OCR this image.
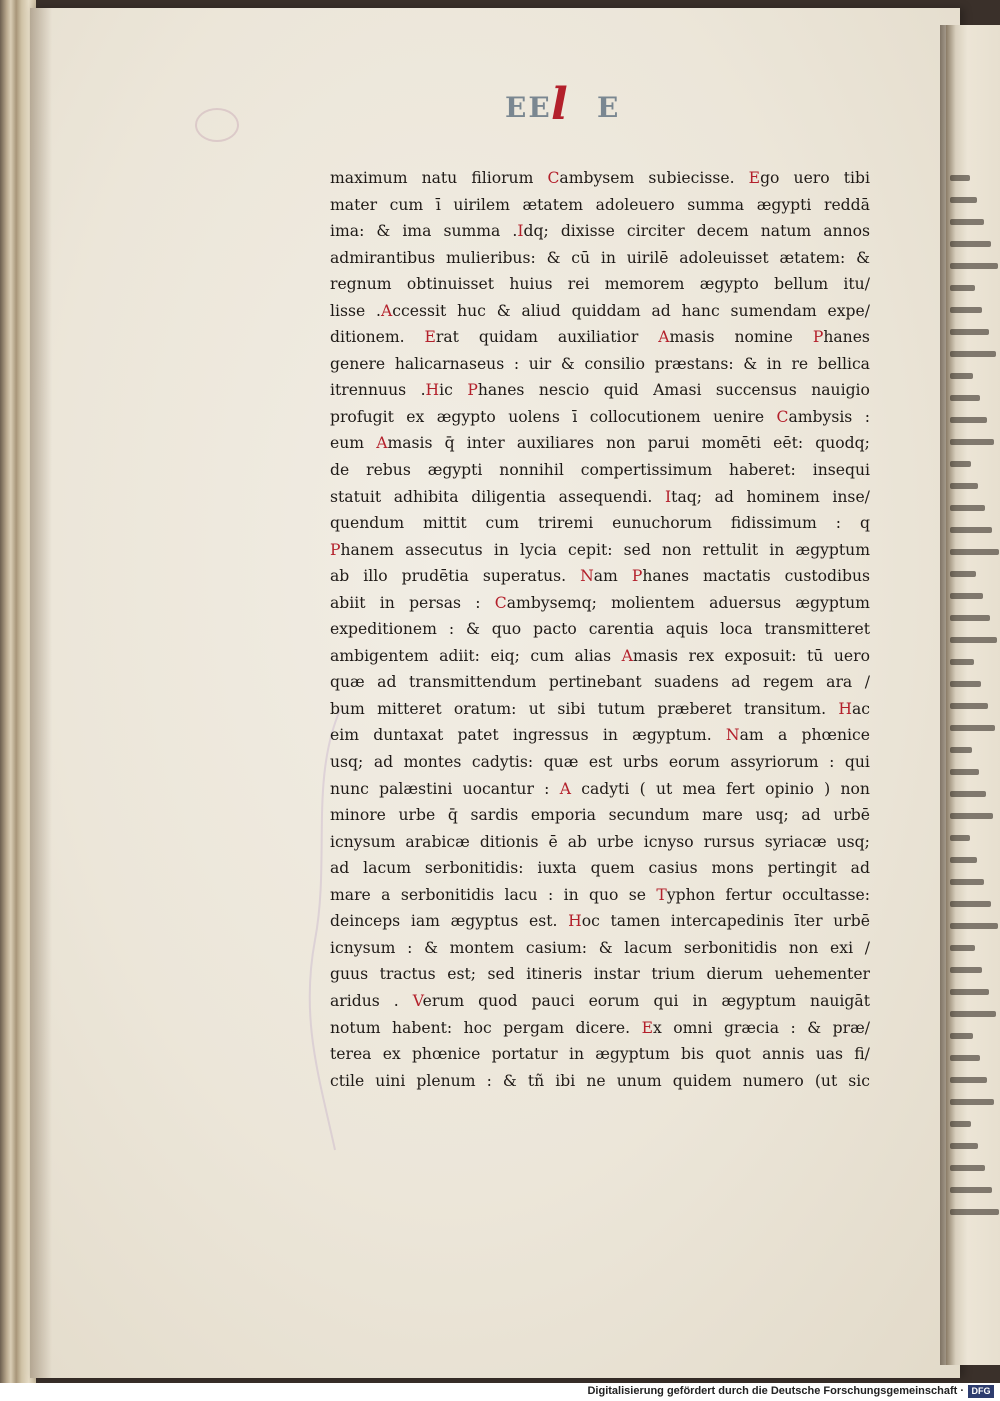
EE l E
maximum natu filiorum Cambysem subiecisse. Ego uero tibi
mater cum ī uirilem ætatem adoleuero summa ægypti reddā
ima: & ima summa .Idq; dixisse circiter decem natum annos
admirantibus mulieribus: & cū in uirilē adoleuisset ætatem: &
regnum obtinuisset huius rei memorem ægypto bellum itu/
lisse .Accessit huc & aliud quiddam ad hanc sumendam expe/
ditionem. Erat quidam auxiliatior Amasis nomine Phanes
genere halicarnaseus : uir & consilio præstans: & in re bellica
itrennuus .Hic Phanes nescio quid Amasi succensus nauigio
profugit ex ægypto uolens ī collocutionem uenire Cambysis :
eum Amasis q̄ inter auxiliares non parui momēti eēt: quodq;
de rebus ægypti nonnihil compertissimum haberet: insequi
statuit adhibita diligentia assequendi. Itaq; ad hominem inse/
quendum mittit cum triremi eunuchorum fidissimum : q
Phanem assecutus in lycia cepit: sed non rettulit in ægyptum
ab illo prudētia superatus. Nam Phanes mactatis custodibus
abiit in persas : Cambysemq; molientem aduersus ægyptum
expeditionem : & quo pacto carentia aquis loca transmitteret
ambigentem adiit: eiq; cum alias Amasis rex exposuit: tū uero
quæ ad transmittendum pertinebant suadens ad regem ara /
bum mitteret oratum: ut sibi tutum præberet transitum. Hac
eim duntaxat patet ingressus in ægyptum. Nam a phœnice
usq; ad montes cadytis: quæ est urbs eorum assyriorum : qui
nunc palæstini uocantur : A cadyti ( ut mea fert opinio ) non
minore urbe q̄ sardis emporia secundum mare usq; ad urbē
icnysum arabicæ ditionis ē ab urbe icnyso rursus syriacæ usq;
ad lacum serbonitidis: iuxta quem casius mons pertingit ad
mare a serbonitidis lacu : in quo se Typhon fertur occultasse:
deinceps iam ægyptus est. Hoc tamen intercapedinis īter urbē
icnysum : & montem casium: & lacum serbonitidis non exi /
guus tractus est; sed itineris instar trium dierum uehementer
aridus . Verum quod pauci eorum qui in ægyptum nauigāt
notum habent: hoc pergam dicere. Ex omni græcia : & præ/
terea ex phœnice portatur in ægyptum bis quot annis uas fi/
ctile uini plenum : & tñ ibi ne unum quidem numero (ut sic
Digitalisierung gefördert durch die Deutsche Forschungsgemeinschaft · DFG
